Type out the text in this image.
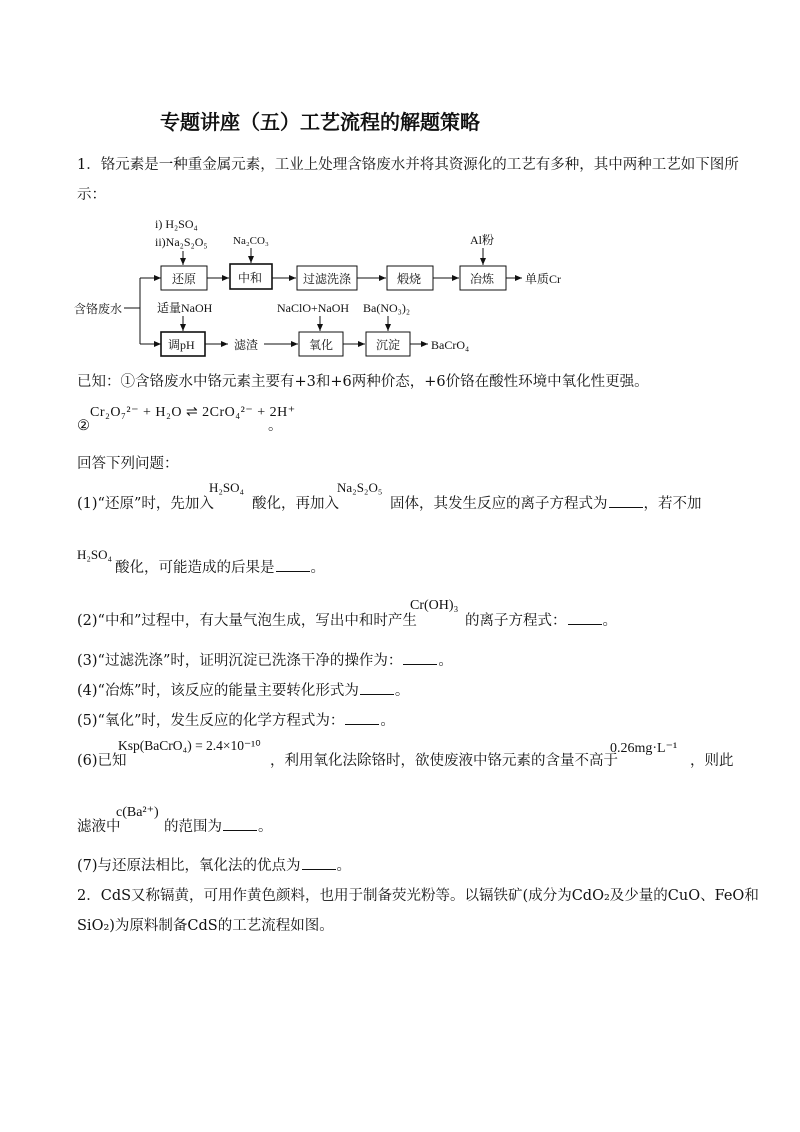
专题讲座（五）工艺流程的解题策略
1．铬元素是一种重金属元素，工业上处理含铬废水并将其资源化的工艺有多种，其中两种工艺如下图所
示：
i) H₂SO₄
ii)Na₂S₂O₅ Na₂CO₃	Al粉
还原	中和	过滤洗涤	煅烧	冶炼	单质Cr
含铬废水	适量NaOH	NaClO+NaOH Ba(NO₃)₂
调pH	滤渣	氧化	沉淀	BaCrO₄
已知：①含铬废水中铬元素主要有+3和+6两种价态，+6价铬在酸性环境中氧化性更强。
②
Cr₂O₇²⁻ + H₂O ⇌ 2CrO₄²⁻ + 2H⁺
。
回答下列问题：
(1)“还原”时，先加入
H₂SO₄
酸化，再加入
Na₂S₂O₅
固体，其发生反应的离子方程式为 ，若不加
H₂SO₄
酸化，可能造成的后果是 。
(2)“中和”过程中，有大量气泡生成，写出中和时产生
Cr(OH)₃
的离子方程式： 。
(3)“过滤洗涤”时，证明沉淀已洗涤干净的操作为： 。
(4)“冶炼”时，该反应的能量主要转化形式为 。
(5)“氧化”时，发生反应的化学方程式为： 。
(6)已知
Ksp(BaCrO₄) = 2.4×10⁻¹⁰
，利用氧化法除铬时，欲使废液中铬元素的含量不高于
0.26mg·L⁻¹
，则此
滤液中
c(Ba²⁺)
的范围为 。
(7)与还原法相比，氧化法的优点为 。
2．CdS又称镉黄，可用作黄色颜料，也用于制备荧光粉等。以镉铁矿(成分为CdO₂及少量的CuO、FeO和
SiO₂)为原料制备CdS的工艺流程如图。
